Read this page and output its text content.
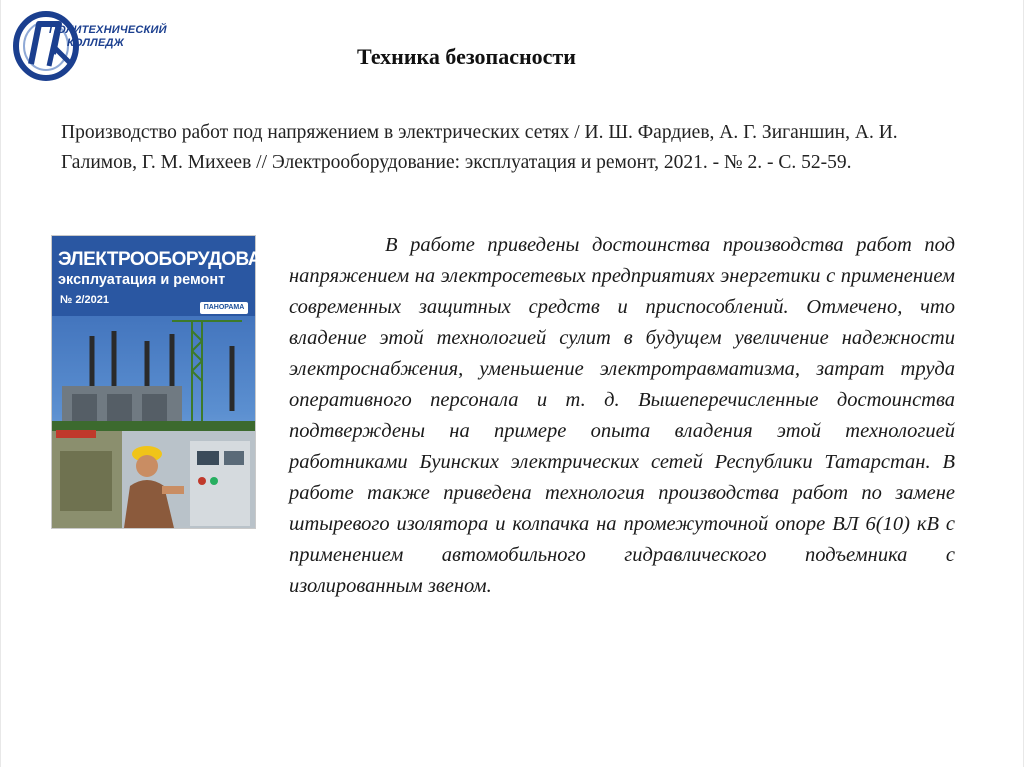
ПОЛИТЕХНИЧЕСКИЙ
КОЛЛЕДЖ
Техника безопасности
Производство работ под напряжением в электрических сетях / И. Ш. Фардиев, А. Г. Зиганшин, А. И. Галимов, Г. М. Михеев // Электрооборудование: эксплуатация и ремонт, 2021. - № 2. - С. 52-59.
ЭЛЕКТРООБОРУДОВАНИЕ
эксплуатация и ремонт
№ 2/2021
ПАНОРАМА
В работе приведены достоинства производства работ под напряжением на электросетевых предприятиях энергетики с применением современных защитных средств и приспособлений. Отмечено, что владение этой технологией сулит в будущем увеличение надежности электроснабжения, уменьшение электротравматизма, затрат труда оперативного персонала и т. д. Вышеперечисленные достоинства подтверждены на примере опыта владения этой технологией работниками Буинских электрических сетей Республики Татарстан. В работе также приведена технология производства работ по замене штыревого изолятора и колпачка на промежуточной опоре ВЛ 6(10) кВ с применением автомобильного гидравлического подъемника с изолированным звеном.
